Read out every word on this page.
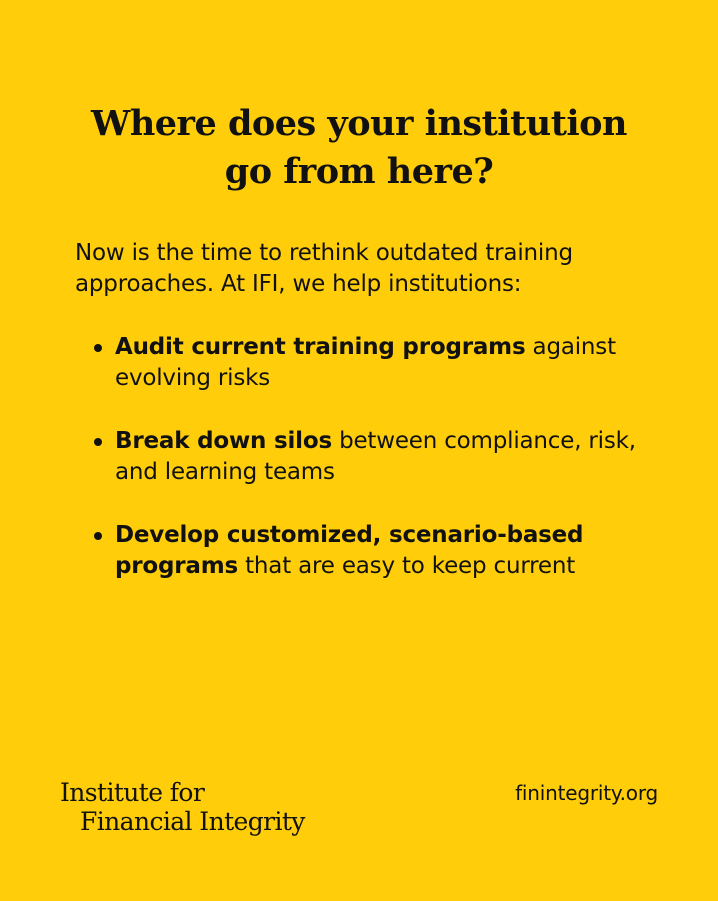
Where does your institution
go from here?

Now is the time to rethink outdated training
approaches. At IFI, we help institutions:

Audit current training programs against evolving risks
Break down silos between compliance, risk, and learning teams
Develop customized, scenario-based programs that are easy to keep current
Institute for
Financial Integrity
finintegrity.org
